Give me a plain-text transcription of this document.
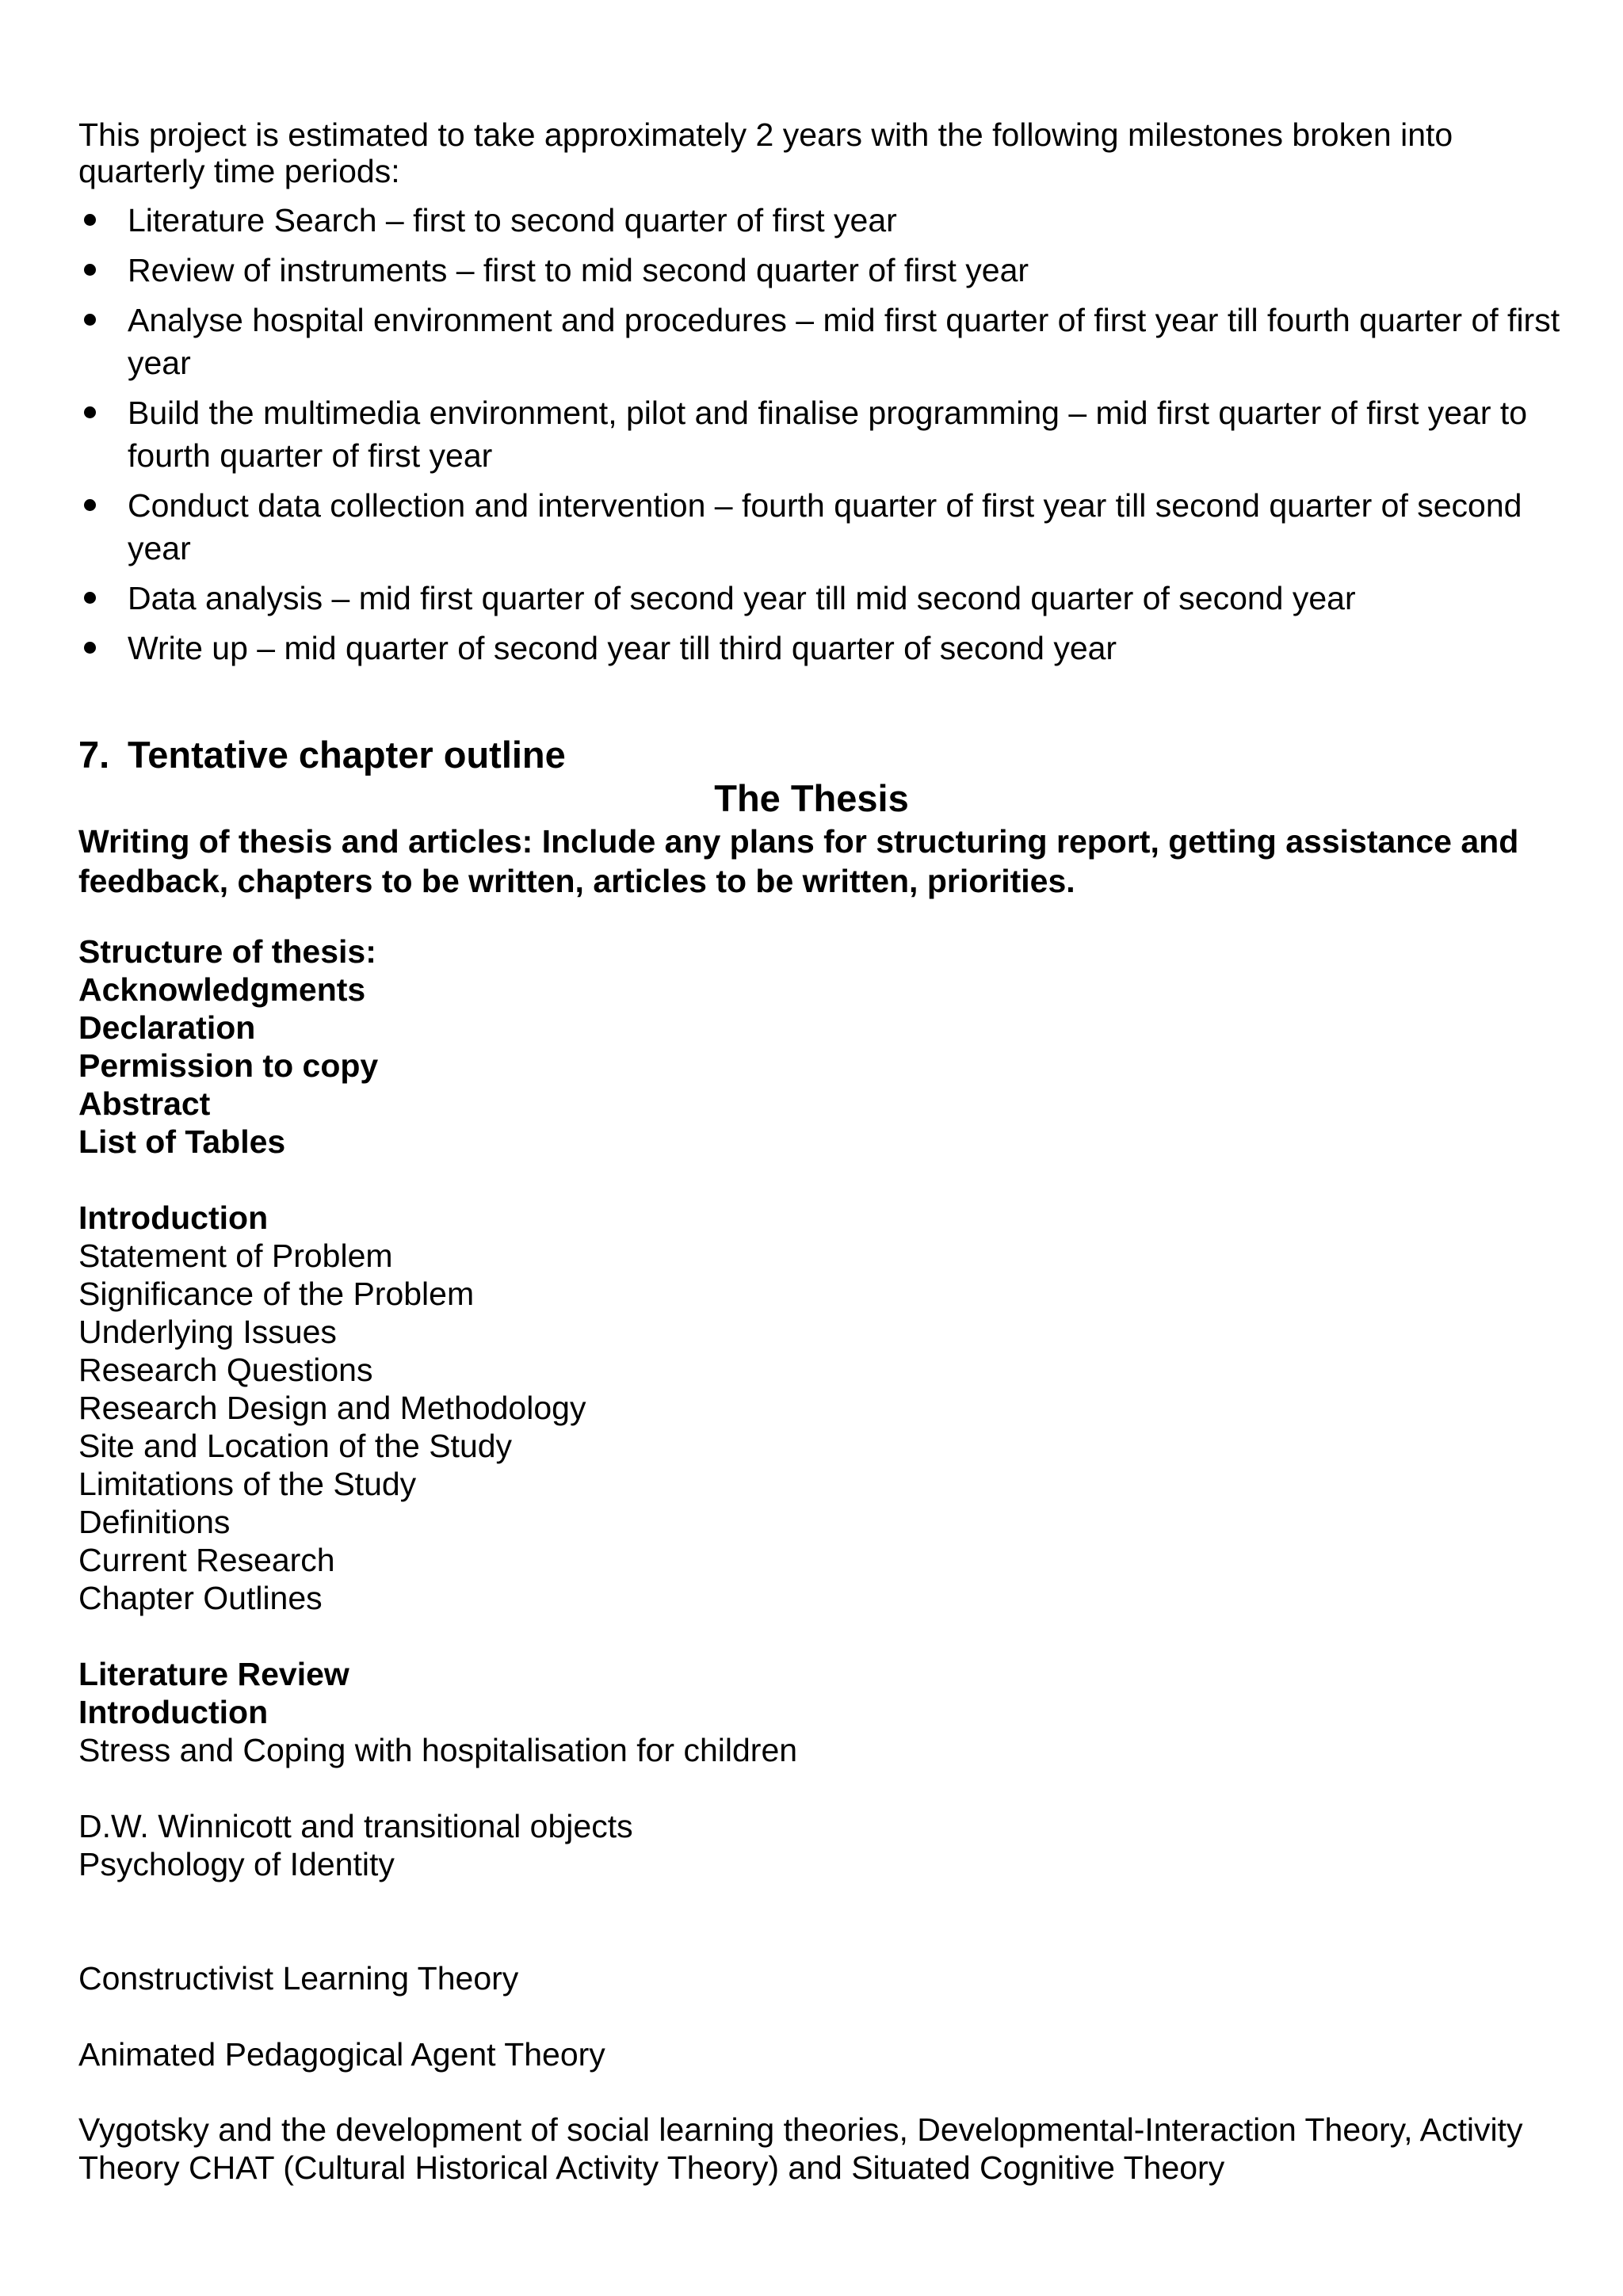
This project is estimated to take approximately 2 years with the following milestones broken into quarterly time periods:

Literature Search – first to second quarter of first year
Review of instruments – first to mid second quarter of first year
Analyse hospital environment and procedures – mid first quarter of first year till fourth quarter of first year
Build the multimedia environment, pilot and finalise programming – mid first quarter of first year to fourth quarter of first year
Conduct data collection and intervention – fourth quarter of first year till second quarter of second year
Data analysis – mid first quarter of second year till mid second quarter of second year
Write up – mid quarter of second year till third quarter of second year
7. Tentative chapter outline
The Thesis

Writing of thesis and articles: Include any plans for structuring report, getting assistance and feedback, chapters to be written, articles to be written, priorities.

Structure of thesis:
Acknowledgments
Declaration
Permission to copy
Abstract
List of Tables
Introduction
Statement of Problem
Significance of the Problem
Underlying Issues
Research Questions
Research Design and Methodology
Site and Location of the Study
Limitations of the Study
Definitions
Current Research
Chapter Outlines
Literature Review
Introduction
Stress and Coping with hospitalisation for children
D.W. Winnicott and transitional objects
Psychology of Identity
Constructivist Learning Theory
Animated Pedagogical Agent Theory

Vygotsky and the development of social learning theories, Developmental-Interaction Theory, Activity Theory CHAT (Cultural Historical Activity Theory) and Situated Cognitive Theory
